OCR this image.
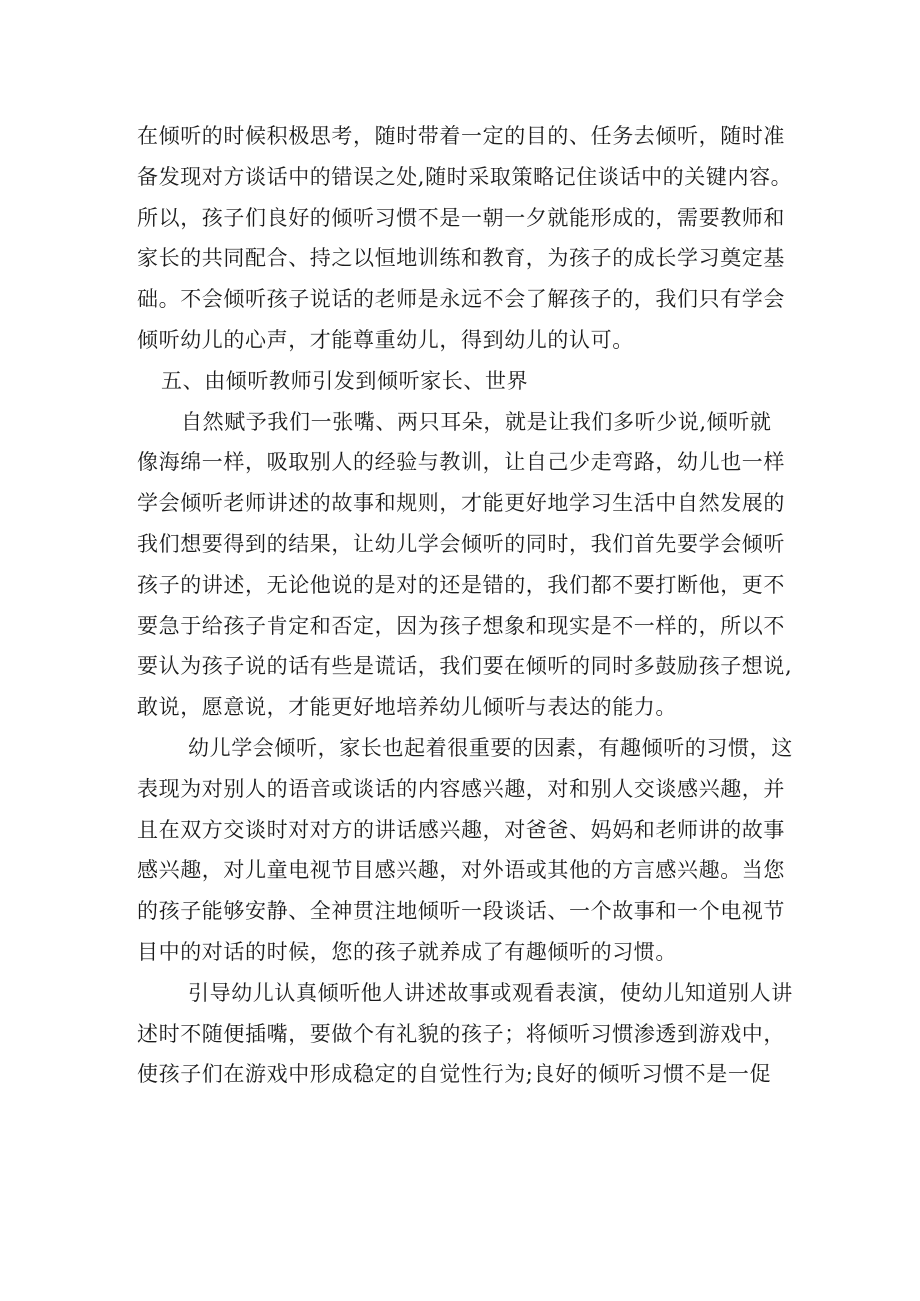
在倾听的时候积极思考，随时带着一定的目的、任务去倾听，随时准
备发现对方谈话中的错误之处,随时采取策略记住谈话中的关键内容。
所以，孩子们良好的倾听习惯不是一朝一夕就能形成的，需要教师和
家长的共同配合、持之以恒地训练和教育，为孩子的成长学习奠定基
础。不会倾听孩子说话的老师是永远不会了解孩子的，我们只有学会
倾听幼儿的心声，才能尊重幼儿，得到幼儿的认可。
五、由倾听教师引发到倾听家长、世界
自然赋予我们一张嘴、两只耳朵，就是让我们多听少说,倾听就
像海绵一样，吸取别人的经验与教训，让自己少走弯路，幼儿也一样
学会倾听老师讲述的故事和规则，才能更好地学习生活中自然发展的
我们想要得到的结果，让幼儿学会倾听的同时，我们首先要学会倾听
孩子的讲述，无论他说的是对的还是错的，我们都不要打断他，更不
要急于给孩子肯定和否定，因为孩子想象和现实是不一样的，所以不
要认为孩子说的话有些是谎话，我们要在倾听的同时多鼓励孩子想说,
敢说，愿意说，才能更好地培养幼儿倾听与表达的能力。
幼儿学会倾听，家长也起着很重要的因素，有趣倾听的习惯，这
表现为对别人的语音或谈话的内容感兴趣，对和别人交谈感兴趣，并
且在双方交谈时对对方的讲话感兴趣，对爸爸、妈妈和老师讲的故事
感兴趣，对儿童电视节目感兴趣，对外语或其他的方言感兴趣。当您
的孩子能够安静、全神贯注地倾听一段谈话、一个故事和一个电视节
目中的对话的时候，您的孩子就养成了有趣倾听的习惯。
引导幼儿认真倾听他人讲述故事或观看表演，使幼儿知道别人讲
述时不随便插嘴，要做个有礼貌的孩子；将倾听习惯渗透到游戏中，
使孩子们在游戏中形成稳定的自觉性行为;良好的倾听习惯不是一促
